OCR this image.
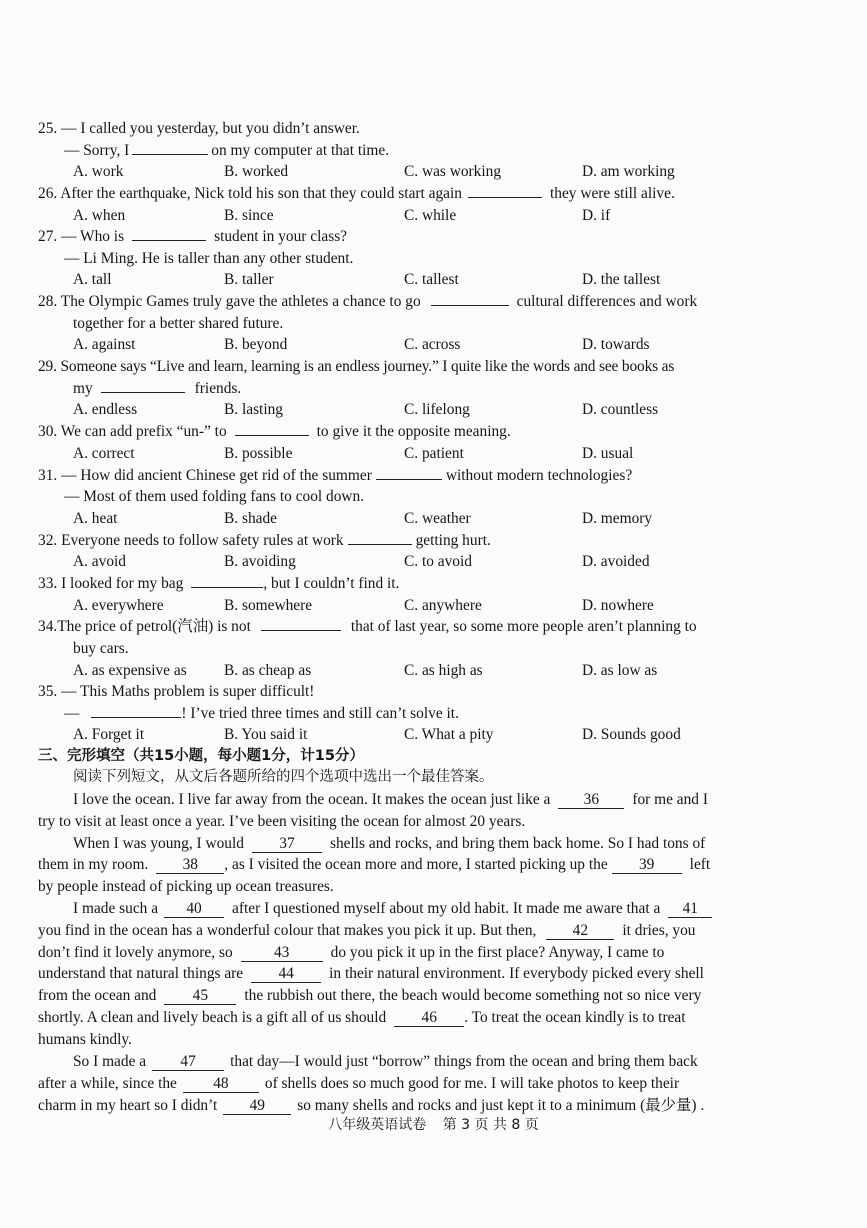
25. — I called you yesterday, but you didn’t answer.
— Sorry, I	on my computer at that time.
A. work	B. worked	C. was working	D. am working
26. After the earthquake, Nick told his son that they could start again	they were still alive.
A. when	B. since	C. while	D. if
27. — Who is	student in your class?
— Li Ming. He is taller than any other student.
A. tall	B. taller	C. tallest	D. the tallest
28. The Olympic Games truly gave the athletes a chance to go	cultural differences and work
together for a better shared future.
A. against	B. beyond	C. across	D. towards
29. Someone says “Live and learn, learning is an endless journey.” I quite like the words and see books as
my	friends.
A. endless	B. lasting	C. lifelong	D. countless
30. We can add prefix “un-” to	to give it the opposite meaning.
A. correct	B. possible	C. patient	D. usual
31. — How did ancient Chinese get rid of the summer	without modern technologies?
— Most of them used folding fans to cool down.
A. heat	B. shade	C. weather	D. memory
32. Everyone needs to follow safety rules at work	getting hurt.
A. avoid	B. avoiding	C. to avoid	D. avoided
33. I looked for my bag	, but I couldn’t find it.
A. everywhere	B. somewhere	C. anywhere	D. nowhere
34.The price of petrol(汽油) is not	that of last year, so some more people aren’t planning to
buy cars.
A. as expensive as B. as cheap as	C. as high as	D. as low as
35. — This Maths problem is super difficult!
—	! I’ve tried three times and still can’t solve it.
A. Forget it	B. You said it	C. What a pity	D. Sounds good
三、完形填空（共15小题，每小题1分，计15分）
阅读下列短文，从文后各题所给的四个选项中选出一个最佳答案。
I love the ocean. I live far away from the ocean. It makes the ocean just like a 36 for me and I
try to visit at least once a year. I’ve been visiting the ocean for almost 20 years.
When I was young, I would 37 shells and rocks, and bring them back home. So I had tons of
them in my room. 38 , as I visited the ocean more and more, I started picking up the 39 left
by people instead of picking up ocean treasures.
I made such a 40 after I questioned myself about my old habit. It made me aware that a 41
you find in the ocean has a wonderful colour that makes you pick it up. But then, 42 it dries, you
don’t find it lovely anymore, so	43	do you pick it up in the first place? Anyway, I came to
understand that natural things are 44 in their natural environment. If everybody picked every shell
from the ocean and 45 the rubbish out there, the beach would become something not so nice very
shortly. A clean and lively beach is a gift all of us should 46 . To treat the ocean kindly is to treat
humans kindly.
So I made a 47 that day—I would just “borrow” things from the ocean and bring them back
after a while, since the 48 of shells does so much good for me. I will take photos to keep their
charm in my heart so I didn’t 49 so many shells and rocks and just kept it to a minimum (最少量) .
八年级英语试卷 第 3 页 共 8 页
